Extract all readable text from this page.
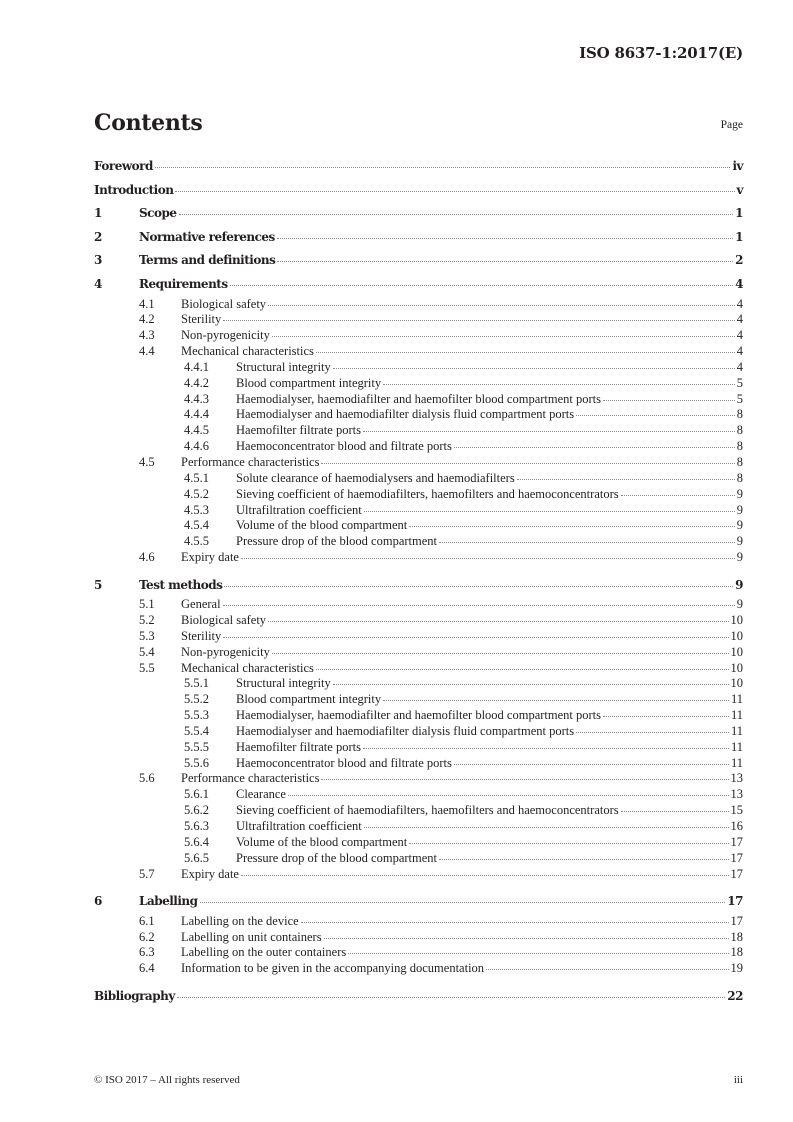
ISO 8637-1:2017(E)
Contents	Page
Foreword	iv
Introduction	v
1	Scope	1
2	Normative references	1
3	Terms and definitions	2
4	Requirements	4
4.1	Biological safety	4
4.2	Sterility	4
4.3	Non-pyrogenicity	4
4.4	Mechanical characteristics	4
4.4.1	Structural integrity	4
4.4.2	Blood compartment integrity	5
4.4.3	Haemodialyser, haemodiafilter and haemofilter blood compartment ports	5
4.4.4	Haemodialyser and haemodiafilter dialysis fluid compartment ports	8
4.4.5	Haemofilter filtrate ports	8
4.4.6	Haemoconcentrator blood and filtrate ports	8
4.5	Performance characteristics	8
4.5.1	Solute clearance of haemodialysers and haemodiafilters	8
4.5.2	Sieving coefficient of haemodiafilters, haemofilters and haemoconcentrators	9
4.5.3	Ultrafiltration coefficient	9
4.5.4	Volume of the blood compartment	9
4.5.5	Pressure drop of the blood compartment	9
4.6	Expiry date	9
5	Test methods	9
5.1	General	9
5.2	Biological safety	10
5.3	Sterility	10
5.4	Non-pyrogenicity	10
5.5	Mechanical characteristics	10
5.5.1	Structural integrity	10
5.5.2	Blood compartment integrity	11
5.5.3	Haemodialyser, haemodiafilter and haemofilter blood compartment ports	11
5.5.4	Haemodialyser and haemodiafilter dialysis fluid compartment ports	11
5.5.5	Haemofilter filtrate ports	11
5.5.6	Haemoconcentrator blood and filtrate ports	11
5.6	Performance characteristics	13
5.6.1	Clearance	13
5.6.2	Sieving coefficient of haemodiafilters, haemofilters and haemoconcentrators	15
5.6.3	Ultrafiltration coefficient	16
5.6.4	Volume of the blood compartment	17
5.6.5	Pressure drop of the blood compartment	17
5.7	Expiry date	17
6	Labelling	17
6.1	Labelling on the device	17
6.2	Labelling on unit containers	18
6.3	Labelling on the outer containers	18
6.4	Information to be given in the accompanying documentation	19
Bibliography	22
© ISO 2017 – All rights reserved	iii
